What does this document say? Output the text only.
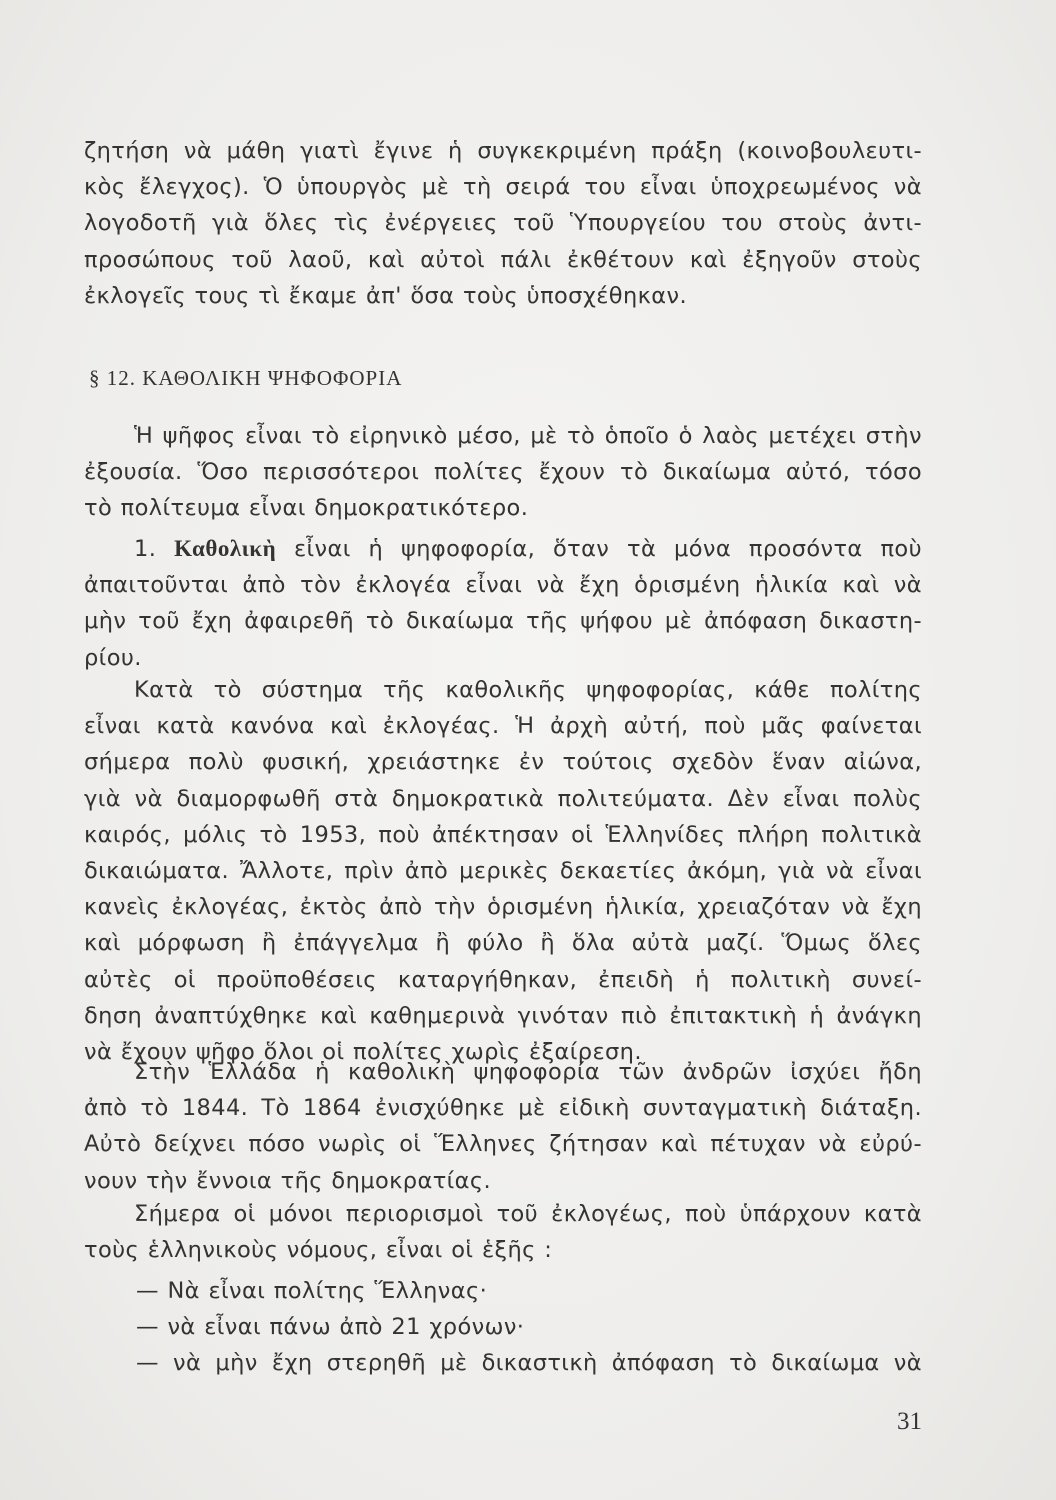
ζητήση νὰ μάθη γιατὶ ἔγινε ἡ συγκεκριμένη πράξη (κοινοβουλευτι-
κὸς ἔλεγχος). Ὁ ὑπουργὸς μὲ τὴ σειρά του εἶναι ὑποχρεωμένος νὰ
λογοδοτῆ γιὰ ὅλες τὶς ἐνέργειες τοῦ Ὑπουργείου του στοὺς ἀντι-
προσώπους τοῦ λαοῦ, καὶ αὐτοὶ πάλι ἐκθέτουν καὶ ἐξηγοῦν στοὺς
ἐκλογεῖς τους τὶ ἔκαμε ἀπ' ὅσα τοὺς ὑποσχέθηκαν.
§ 12. ΚΑΘΟΛΙΚΗ ΨΗΦΟΦΟΡΙΑ
Ἡ ψῆφος εἶναι τὸ εἰρηνικὸ μέσο, μὲ τὸ ὁποῖο ὁ λαὸς μετέχει στὴν
ἐξουσία. Ὅσο περισσότεροι πολίτες ἔχουν τὸ δικαίωμα αὐτό, τόσο
τὸ πολίτευμα εἶναι δημοκρατικότερο.
1. Καθολικὴ εἶναι ἡ ψηφοφορία, ὅταν τὰ μόνα προσόντα ποὺ
ἀπαιτοῦνται ἀπὸ τὸν ἐκλογέα εἶναι νὰ ἔχη ὁρισμένη ἡλικία καὶ νὰ
μὴν τοῦ ἔχη ἀφαιρεθῆ τὸ δικαίωμα τῆς ψήφου μὲ ἀπόφαση δικαστη-
ρίου.
Κατὰ τὸ σύστημα τῆς καθολικῆς ψηφοφορίας, κάθε πολίτης
εἶναι κατὰ κανόνα καὶ ἐκλογέας. Ἡ ἀρχὴ αὐτή, ποὺ μᾶς φαίνεται
σήμερα πολὺ φυσική, χρειάστηκε ἐν τούτοις σχεδὸν ἕναν αἰώνα,
γιὰ νὰ διαμορφωθῆ στὰ δημοκρατικὰ πολιτεύματα. Δὲν εἶναι πολὺς
καιρός, μόλις τὸ 1953, ποὺ ἀπέκτησαν οἱ Ἑλληνίδες πλήρη πολιτικὰ
δικαιώματα. Ἄλλοτε, πρὶν ἀπὸ μερικὲς δεκαετίες ἀκόμη, γιὰ νὰ εἶναι
κανεὶς ἐκλογέας, ἐκτὸς ἀπὸ τὴν ὁρισμένη ἡλικία, χρειαζόταν νὰ ἔχη
καὶ μόρφωση ἢ ἐπάγγελμα ἢ φύλο ἢ ὅλα αὐτὰ μαζί. Ὅμως ὅλες
αὐτὲς οἱ προϋποθέσεις καταργήθηκαν, ἐπειδὴ ἡ πολιτικὴ συνεί-
δηση ἀναπτύχθηκε καὶ καθημερινὰ γινόταν πιὸ ἐπιτακτικὴ ἡ ἀνάγκη
νὰ ἔχουν ψῆφο ὅλοι οἱ πολίτες χωρὶς ἐξαίρεση.
Στὴν Ἑλλάδα ἡ καθολικὴ ψηφοφορία τῶν ἀνδρῶν ἰσχύει ἤδη
ἀπὸ τὸ 1844. Τὸ 1864 ἐνισχύθηκε μὲ εἰδικὴ συνταγματικὴ διάταξη.
Αὐτὸ δείχνει πόσο νωρὶς οἱ Ἕλληνες ζήτησαν καὶ πέτυχαν νὰ εὐρύ-
νουν τὴν ἔννοια τῆς δημοκρατίας.
Σήμερα οἱ μόνοι περιορισμοὶ τοῦ ἐκλογέως, ποὺ ὑπάρχουν κατὰ
τοὺς ἑλληνικοὺς νόμους, εἶναι οἱ ἑξῆς :
— Νὰ εἶναι πολίτης Ἕλληνας·
— νὰ εἶναι πάνω ἀπὸ 21 χρόνων·
— νὰ μὴν ἔχη στερηθῆ μὲ δικαστικὴ ἀπόφαση τὸ δικαίωμα νὰ
31
